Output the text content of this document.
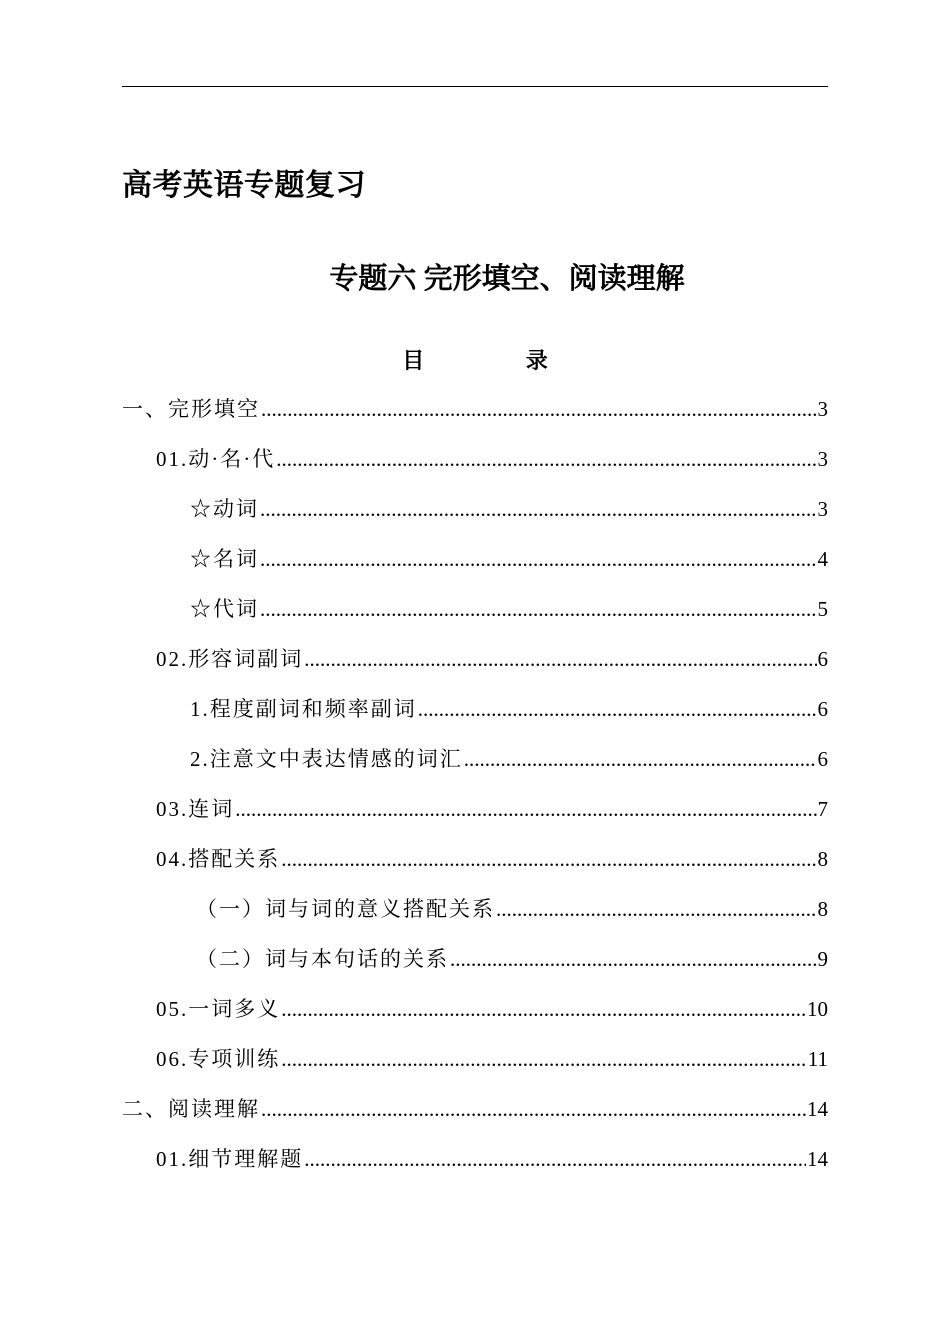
高考英语专题复习
专题六 完形填空、阅读理解
目 录
一、完形填空 .....	3
01.动·名·代 .....	3
☆动词 .....	3
☆名词 .....	4
☆代词 .....	5
02.形容词副词 .....	6
1.程度副词和频率副词 .....	6
2.注意文中表达情感的词汇 .....	6
03.连词 .....	7
04.搭配关系 .....	8
（一）词与词的意义搭配关系 .....	8
（二）词与本句话的关系 .....	9
05.一词多义 .....	10
06.专项训练 .....	11
二、阅读理解 .....	14
01.细节理解题 .....	14
